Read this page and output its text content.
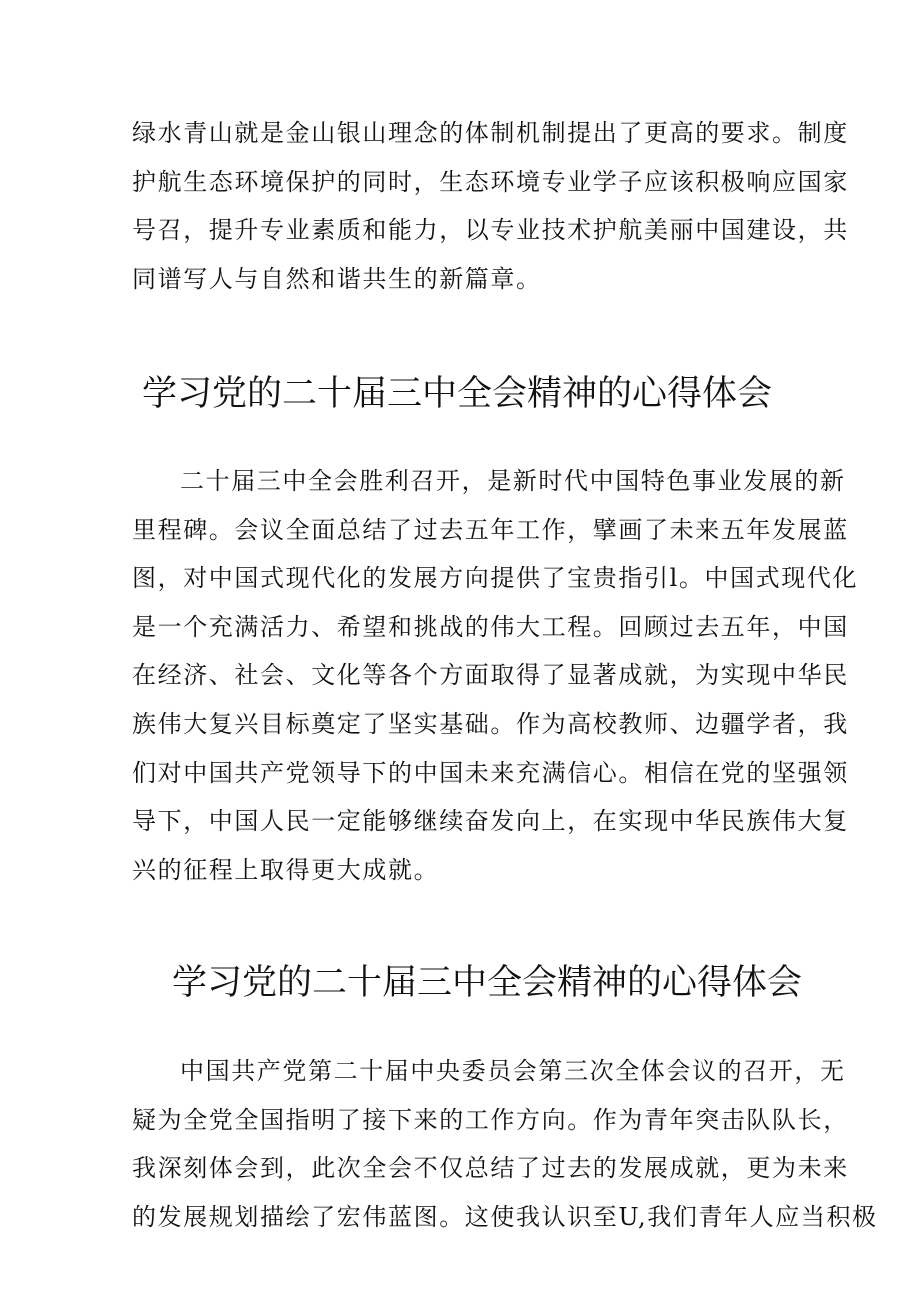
绿水青山就是金山银山理念的体制机制提出了更高的要求。制度
护航生态环境保护的同时，生态环境专业学子应该积极响应国家
号召，提升专业素质和能力，以专业技术护航美丽中国建设，共
同谱写人与自然和谐共生的新篇章。
学习党的二十届三中全会精神的心得体会
二十届三中全会胜利召开，是新时代中国特色事业发展的新
里程碑。会议全面总结了过去五年工作，擘画了未来五年发展蓝
图，对中国式现代化的发展方向提供了宝贵指引l。中国式现代化
是一个充满活力、希望和挑战的伟大工程。回顾过去五年，中国
在经济、社会、文化等各个方面取得了显著成就，为实现中华民
族伟大复兴目标奠定了坚实基础。作为高校教师、边疆学者，我
们对中国共产党领导下的中国未来充满信心。相信在党的坚强领
导下，中国人民一定能够继续奋发向上，在实现中华民族伟大复
兴的征程上取得更大成就。
学习党的二十届三中全会精神的心得体会
中国共产党第二十届中央委员会第三次全体会议的召开，无
疑为全党全国指明了接下来的工作方向。作为青年突击队队长，
我深刻体会到，此次全会不仅总结了过去的发展成就，更为未来
的发展规划描绘了宏伟蓝图。这使我认识至U,我们青年人应当积极
